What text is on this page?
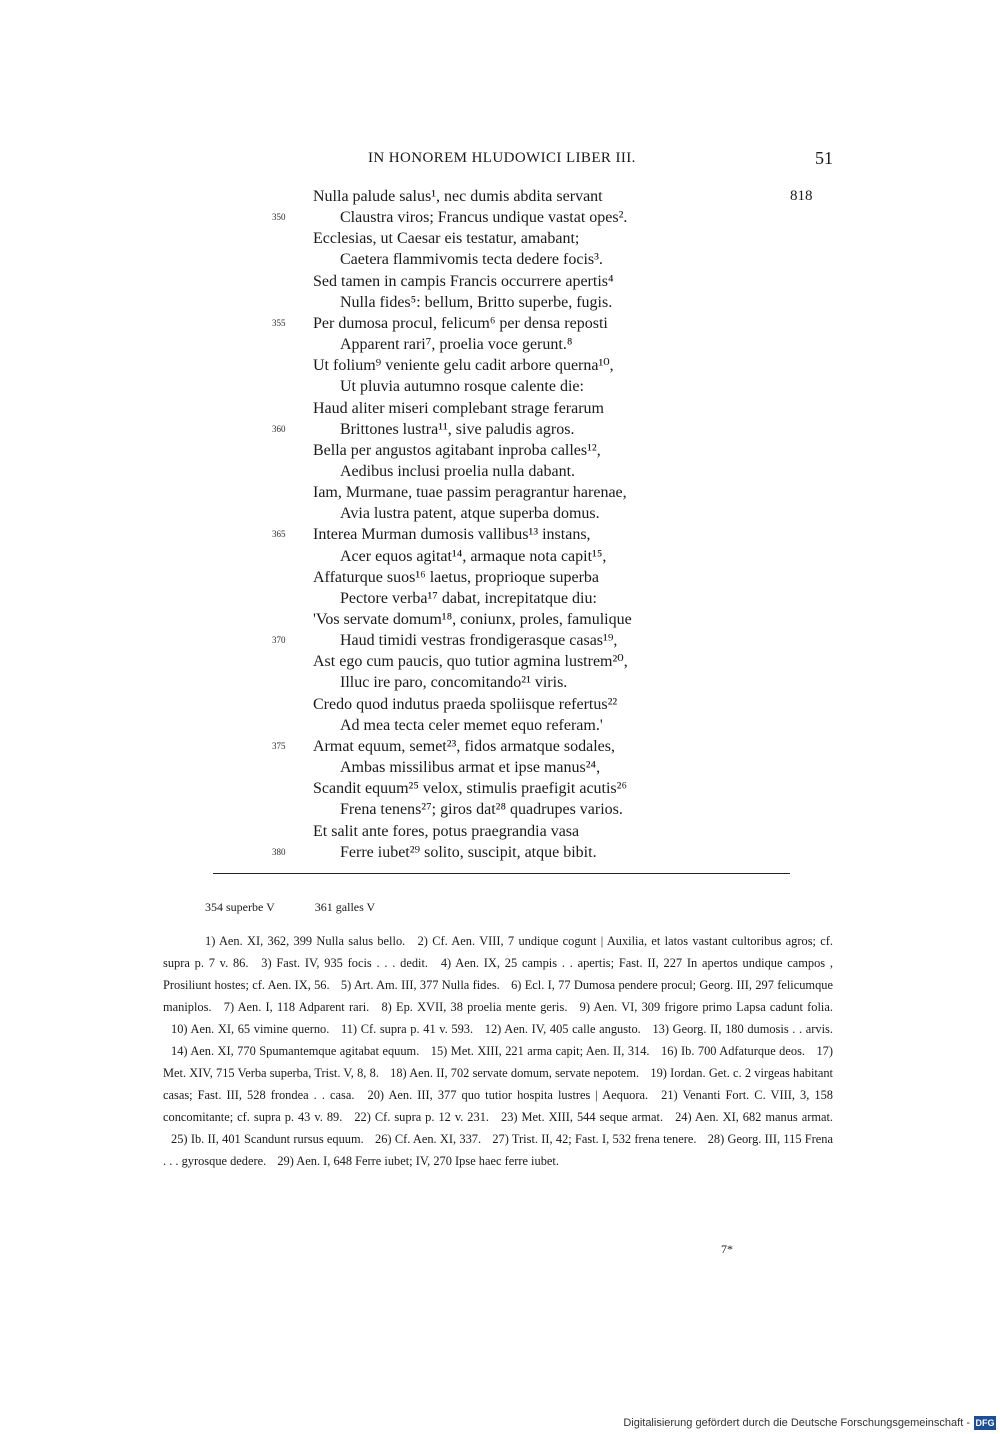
IN HONOREM HLUDOWICI LIBER III.	51
818
Nulla palude salus¹, nec dumis abdita servant
Claustra viros; Francus undique vastat opes².
350
Ecclesias, ut Caesar eis testatur, amabant;
Caetera flammivomis tecta dedere focis³.
Sed tamen in campis Francis occurrere apertis⁴
Nulla fides⁵: bellum, Britto superbe, fugis.
Per dumosa procul, felicum⁶ per densa repostі
355
Apparent rari⁷, proelia voce gerunt.⁸
Ut folium⁹ veniente gelu cadit arbore querna¹⁰,
Ut pluvia autumno rosque calente die:
Haud aliter miseri complebant strage ferarum
Brittones lustra¹¹, sive paludis agros.
360
Bella per angustos agitabant inproba calles¹²,
Aedibus inclusi proelia nulla dabant.
Iam, Murmane, tuae passim peragrantur harenae,
Avia lustra patent, atque superba domus.
Interea Murman dumosis vallibus¹³ instans,
365
Acer equos agitat¹⁴, armaque nota capit¹⁵,
Affaturque suos¹⁶ laetus, proprioque superba
Pectore verba¹⁷ dabat, increpitatque diu:
'Vos servate domum¹⁸, coniunx, proles, famulique
Haud timidi vestras frondigerasque casas¹⁹,
370
Ast ego cum paucis, quo tutior agmina lustrem²⁰,
Illuc ire paro, concomitando²¹ viris.
Credo quod indutus praeda spoliisque refertus²²
Ad mea tecta celer memet equo referam.'
Armat equum, semet²³, fidos armatque sodales,
375
Ambas missilibus armat et ipse manus²⁴,
Scandit equum²⁵ velox, stimulis praefigit acutis²⁶
Frena tenens²⁷; giros dat²⁸ quadrupes varios.
Et salit ante fores, potus praegrandia vasa
Ferre iubet²⁹ solito, suscipit, atque bibit.
380
354 superbe V	361 galles V
1) Aen. XI, 362, 399 Nulla salus bello. 2) Cf. Aen. VIII, 7 undique cogunt | Auxilia, et latos vastant cultoribus agros; cf. supra p. 7 v. 86. 3) Fast. IV, 935 focis . . . dedit. 4) Aen. IX, 25 campis . . apertis; Fast. II, 227 In apertos undique campos , Prosiliunt hostes; cf. Aen. IX, 56. 5) Art. Am. III, 377 Nulla fides. 6) Ecl. I, 77 Dumosa pendere procul; Georg. III, 297 felicumque maniplos. 7) Aen. I, 118 Adparent rari. 8) Ep. XVII, 38 proelia mente geris. 9) Aen. VI, 309 frigore primo Lapsa cadunt folia. 10) Aen. XI, 65 vimine querno. 11) Cf. supra p. 41 v. 593. 12) Aen. IV, 405 calle angusto. 13) Georg. II, 180 dumosis . . arvis. 14) Aen. XI, 770 Spumantemque agitabat equum. 15) Met. XIII, 221 arma capit; Aen. II, 314. 16) Ib. 700 Adfaturque deos. 17) Met. XIV, 715 Verba superba, Trist. V, 8, 8. 18) Aen. II, 702 servate domum, servate nepotem. 19) Iordan. Get. c. 2 virgeas habitant casas; Fast. III, 528 frondea . . casa. 20) Aen. III, 377 quo tutior hospita lustres | Aequora. 21) Venanti Fort. C. VIII, 3, 158 concomitante; cf. supra p. 43 v. 89. 22) Cf. supra p. 12 v. 231. 23) Met. XIII, 544 seque armat. 24) Aen. XI, 682 manus armat. 25) Ib. II, 401 Scandunt rursus equum. 26) Cf. Aen. XI, 337. 27) Trist. II, 42; Fast. I, 532 frena tenere. 28) Georg. III, 115 Frena . . . gyrosque dedere. 29) Aen. I, 648 Ferre iubet; IV, 270 Ipse haec ferre iubet.
7*
Digitalisierung gefördert durch die Deutsche Forschungsgemeinschaft - DFG
